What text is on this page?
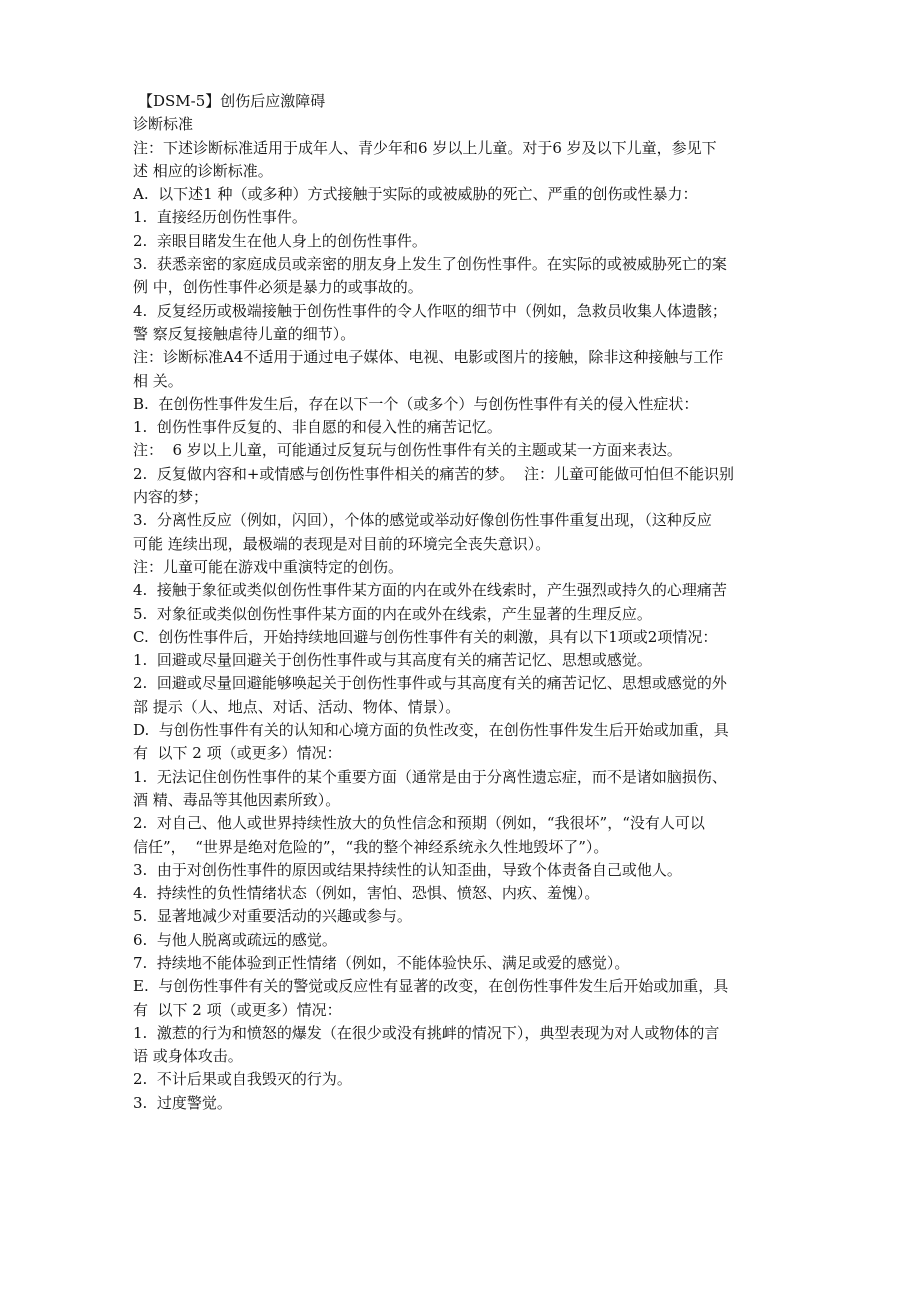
【DSM-5】创伤后应激障碍
诊断标准
注：下述诊断标准适用于成年人、青少年和6 岁以上儿童。对于6 岁及以下儿童，参见下
述 相应的诊断标准。
A.  以下述1 种（或多种）方式接触于实际的或被威胁的死亡、严重的创伤或性暴力：
1.  直接经历创伤性事件。
2.  亲眼目睹发生在他人身上的创伤性事件。
3.  获悉亲密的家庭成员或亲密的朋友身上发生了创伤性事件。在实际的或被威胁死亡的案
例 中，创伤性事件必须是暴力的或事故的。
4.  反复经历或极端接触于创伤性事件的令人作呕的细节中（例如，急救员收集人体遗骸；
警 察反复接触虐待儿童的细节）。
注：诊断标准A4不适用于通过电子媒体、电视、电影或图片的接触，除非这种接触与工作
相 关。
B.  在创伤性事件发生后，存在以下一个（或多个）与创伤性事件有关的侵入性症状：
1.  创伤性事件反复的、非自愿的和侵入性的痛苦记忆。
注：  6 岁以上儿童，可能通过反复玩与创伤性事件有关的主题或某一方面来表达。
2.  反复做内容和+或情感与创伤性事件相关的痛苦的梦。  注：儿童可能做可怕但不能识别
内容的梦；
3.  分离性反应（例如，闪回），个体的感觉或举动好像创伤性事件重复出现，（这种反应
可能 连续出现，最极端的表现是对目前的环境完全丧失意识）。
注：儿童可能在游戏中重演特定的创伤。
4.  接触于象征或类似创伤性事件某方面的内在或外在线索时，产生强烈或持久的心理痛苦
5.  对象征或类似创伤性事件某方面的内在或外在线索，产生显著的生理反应。
C.  创伤性事件后，开始持续地回避与创伤性事件有关的刺激，具有以下1项或2项情况：
1.  回避或尽量回避关于创伤性事件或与其高度有关的痛苦记忆、思想或感觉。
2.  回避或尽量回避能够唤起关于创伤性事件或与其高度有关的痛苦记忆、思想或感觉的外
部 提示（人、地点、对话、活动、物体、情景）。
D.  与创伤性事件有关的认知和心境方面的负性改变，在创伤性事件发生后开始或加重，具
有  以下 2 项（或更多）情况：
1.  无法记住创伤性事件的某个重要方面（通常是由于分离性遗忘症，而不是诸如脑损伤、
酒 精、毒品等其他因素所致）。
2.  对自己、他人或世界持续性放大的负性信念和预期（例如，“我很坏”，“没有人可以
信任”，  “世界是绝对危险的”，“我的整个神经系统永久性地毁坏了”）。
3.  由于对创伤性事件的原因或结果持续性的认知歪曲，导致个体责备自己或他人。
4.  持续性的负性情绪状态（例如，害怕、恐惧、愤怒、内疚、羞愧）。
5.  显著地减少对重要活动的兴趣或参与。
6.  与他人脱离或疏远的感觉。
7.  持续地不能体验到正性情绪（例如，不能体验快乐、满足或爱的感觉）。
E.  与创伤性事件有关的警觉或反应性有显著的改变，在创伤性事件发生后开始或加重，具
有  以下 2 项（或更多）情况：
1.  激惹的行为和愤怒的爆发（在很少或没有挑衅的情况下），典型表现为对人或物体的言
语 或身体攻击。
2.  不计后果或自我毁灭的行为。
3.  过度警觉。
